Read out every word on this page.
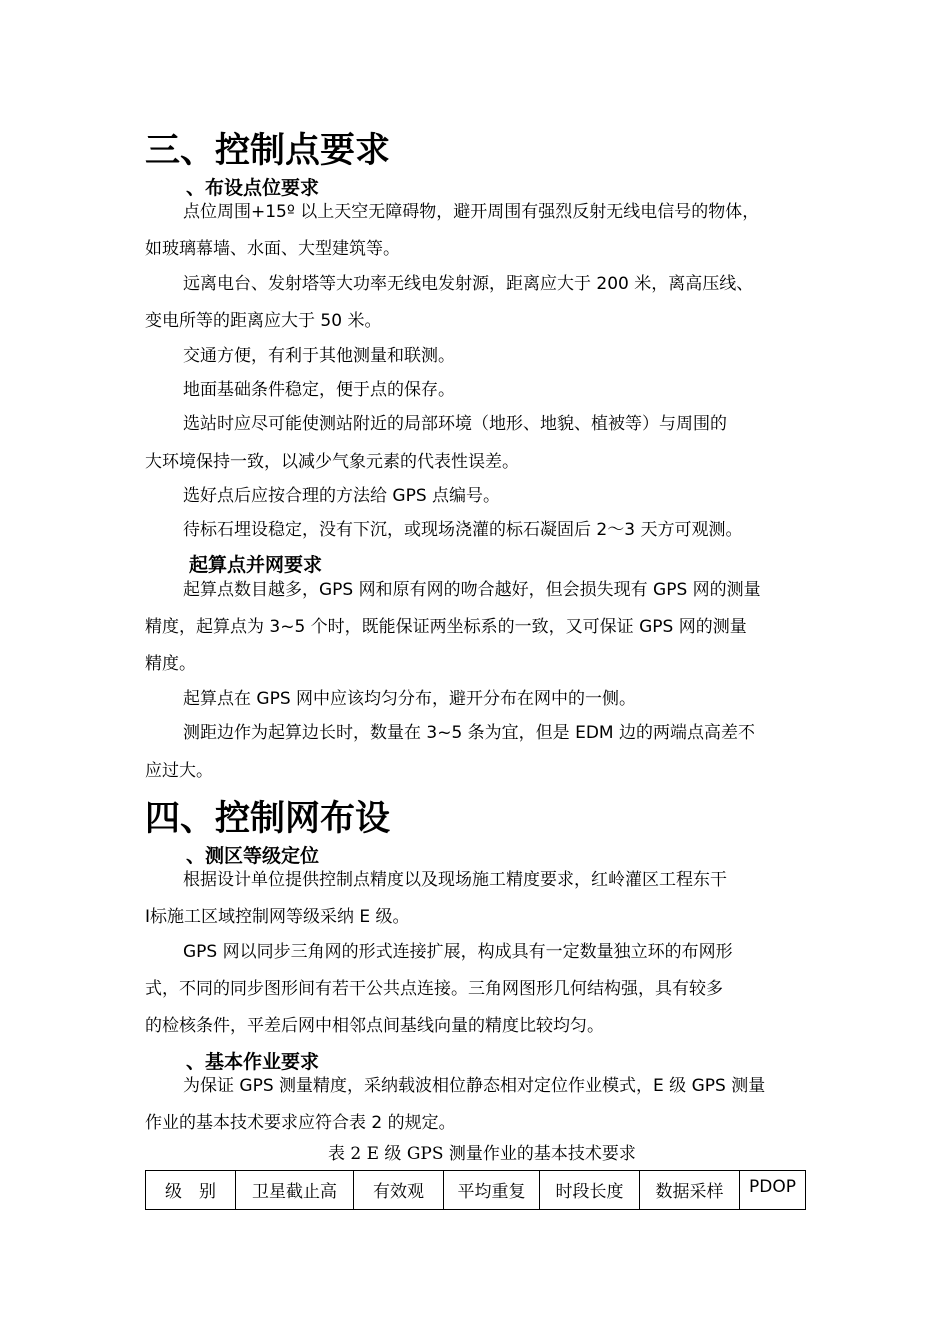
三、控制点要求
、布设点位要求
点位周围+15º 以上天空无障碍物，避开周围有强烈反射无线电信号的物体，
如玻璃幕墙、水面、大型建筑等。
远离电台、发射塔等大功率无线电发射源，距离应大于 200 米，离高压线、
变电所等的距离应大于 50 米。
交通方便，有利于其他测量和联测。
地面基础条件稳定，便于点的保存。
选站时应尽可能使测站附近的局部环境（地形、地貌、植被等）与周围的
大环境保持一致，以减少气象元素的代表性误差。
选好点后应按合理的方法给 GPS 点编号。
待标石埋设稳定，没有下沉，或现场浇灌的标石凝固后 2～3 天方可观测。
起算点并网要求
起算点数目越多，GPS 网和原有网的吻合越好，但会损失现有 GPS 网的测量
精度，起算点为 3~5 个时，既能保证两坐标系的一致，又可保证 GPS 网的测量
精度。
起算点在 GPS 网中应该均匀分布，避开分布在网中的一侧。
测距边作为起算边长时，数量在 3~5 条为宜，但是 EDM 边的两端点高差不
应过大。
四、控制网布设
、测区等级定位
根据设计单位提供控制点精度以及现场施工精度要求，红岭灌区工程东干
Ⅰ标施工区域控制网等级采纳 E 级。
GPS 网以同步三角网的形式连接扩展，构成具有一定数量独立环的布网形
式，不同的同步图形间有若干公共点连接。三角网图形几何结构强，具有较多
的检核条件，平差后网中相邻点间基线向量的精度比较均匀。
、基本作业要求
为保证 GPS 测量精度，采纳载波相位静态相对定位作业模式，E 级 GPS 测量
作业的基本技术要求应符合表 2 的规定。
表 2 E 级 GPS 测量作业的基本技术要求
级　别	卫星截止高	有效观	平均重复	时段长度	数据采样	PDOP
